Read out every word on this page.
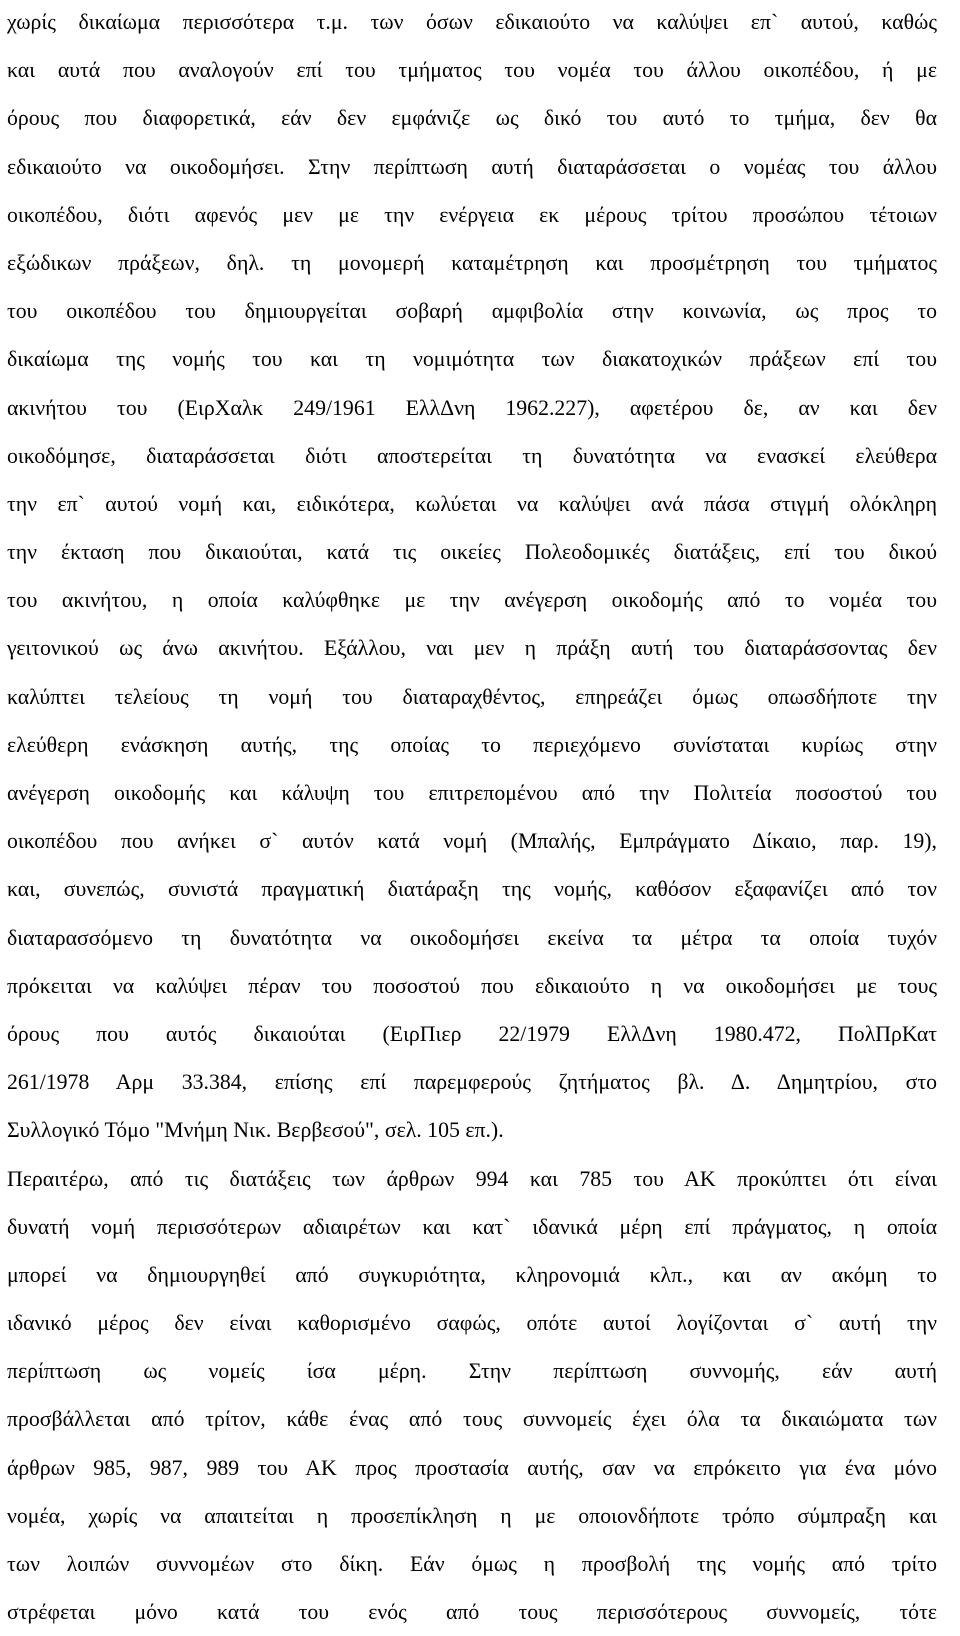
χωρίς δικαίωμα περισσότερα τ.μ. των όσων εδικαιούτο να καλύψει επ` αυτού, καθώς
και αυτά που αναλογούν επί του τμήματος του νομέα του άλλου οικοπέδου, ή με
όρους που διαφορετικά, εάν δεν εμφάνιζε ως δικό του αυτό το τμήμα, δεν θα
εδικαιούτο να οικοδομήσει. Στην περίπτωση αυτή διαταράσσεται ο νομέας του άλλου
οικοπέδου, διότι αφενός μεν με την ενέργεια εκ μέρους τρίτου προσώπου τέτοιων
εξώδικων πράξεων, δηλ. τη μονομερή καταμέτρηση και προσμέτρηση του τμήματος
του οικοπέδου του δημιουργείται σοβαρή αμφιβολία στην κοινωνία, ως προς το
δικαίωμα της νομής του και τη νομιμότητα των διακατοχικών πράξεων επί του
ακινήτου του (ΕιρΧαλκ 249/1961 ΕλλΔνη 1962.227), αφετέρου δε, αν και δεν
οικοδόμησε, διαταράσσεται διότι αποστερείται τη δυνατότητα να ενασκεί ελεύθερα
την επ` αυτού νομή και, ειδικότερα, κωλύεται να καλύψει ανά πάσα στιγμή ολόκληρη
την έκταση που δικαιούται, κατά τις οικείες Πολεοδομικές διατάξεις, επί του δικού
του ακινήτου, η οποία καλύφθηκε με την ανέγερση οικοδομής από το νομέα του
γειτονικού ως άνω ακινήτου. Εξάλλου, ναι μεν η πράξη αυτή του διαταράσσοντας δεν
καλύπτει τελείους τη νομή του διαταραχθέντος, επηρεάζει όμως οπωσδήποτε την
ελεύθερη ενάσκηση αυτής, της οποίας το περιεχόμενο συνίσταται κυρίως στην
ανέγερση οικοδομής και κάλυψη του επιτρεπομένου από την Πολιτεία ποσοστού του
οικοπέδου που ανήκει σ` αυτόν κατά νομή (Μπαλής, Εμπράγματο Δίκαιο, παρ. 19),
και, συνεπώς, συνιστά πραγματική διατάραξη της νομής, καθόσον εξαφανίζει από τον
διαταρασσόμενο τη δυνατότητα να οικοδομήσει εκείνα τα μέτρα τα οποία τυχόν
πρόκειται να καλύψει πέραν του ποσοστού που εδικαιούτο η να οικοδομήσει με τους
όρους που αυτός δικαιούται (ΕιρΠιερ 22/1979 ΕλλΔνη 1980.472, ΠολΠρΚατ
261/1978 Αρμ 33.384, επίσης επί παρεμφερούς ζητήματος βλ. Δ. Δημητρίου, στο
Συλλογικό Τόμο "Μνήμη Νικ. Βερβεσού", σελ. 105 επ.).
Περαιτέρω, από τις διατάξεις των άρθρων 994 και 785 του ΑΚ προκύπτει ότι είναι
δυνατή νομή περισσότερων αδιαιρέτων και κατ` ιδανικά μέρη επί πράγματος, η οποία
μπορεί να δημιουργηθεί από συγκυριότητα, κληρονομιά κλπ., και αν ακόμη το
ιδανικό μέρος δεν είναι καθορισμένο σαφώς, οπότε αυτοί λογίζονται σ` αυτή την
περίπτωση ως νομείς ίσα μέρη. Στην περίπτωση συννομής, εάν αυτή
προσβάλλεται από τρίτον, κάθε ένας από τους συννομείς έχει όλα τα δικαιώματα των
άρθρων 985, 987, 989 του ΑΚ προς προστασία αυτής, σαν να επρόκειτο για ένα μόνο
νομέα, χωρίς να απαιτείται η προσεπίκληση η με οποιονδήποτε τρόπο σύμπραξη και
των λοιπών συννομέων στο δίκη. Εάν όμως η προσβολή της νομής από τρίτο
στρέφεται μόνο κατά του ενός από τους περισσότερους συννομείς, τότε
